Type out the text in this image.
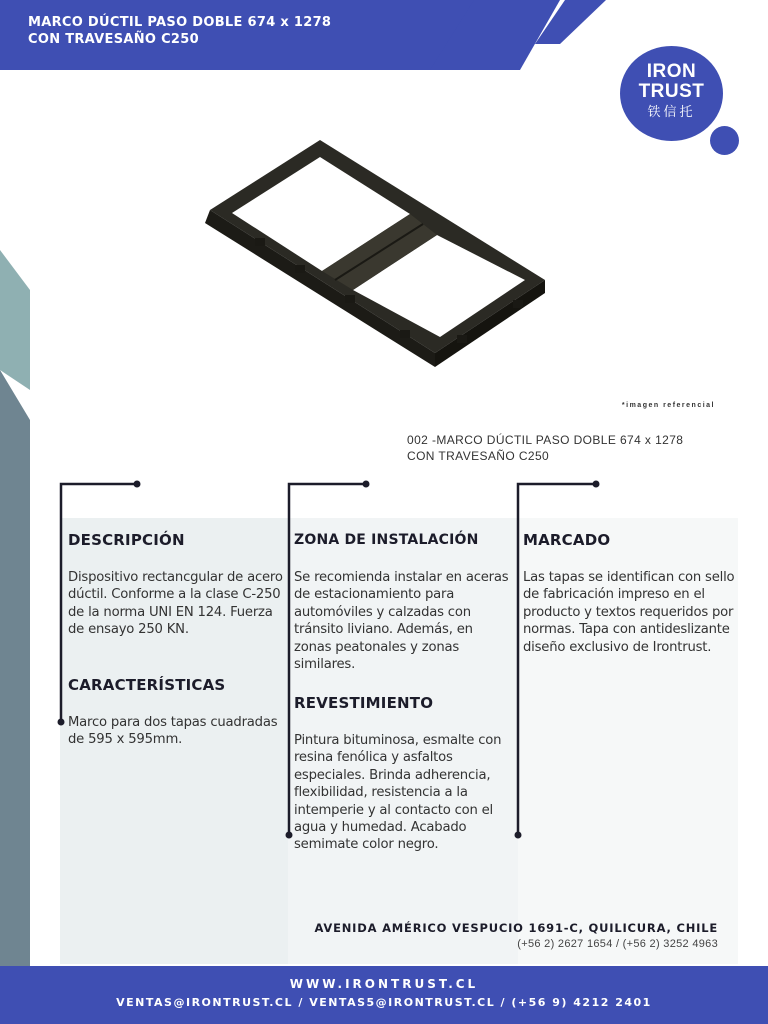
MARCO DÚCTIL PASO DOBLE 674 x 1278
CON TRAVESAÑO C250
IRON
TRUST
铁信托
*imagen referencial
002 -MARCO DÚCTIL PASO DOBLE 674 x 1278
CON TRAVESAÑO C250
DESCRIPCIÓN
Dispositivo rectancgular de acero dúctil. Conforme a la clase C-250 de la norma UNI EN 124. Fuerza de ensayo 250 KN.
CARACTERÍSTICAS
Marco para dos tapas cuadradas de 595 x 595mm.
ZONA DE INSTALACIÓN
Se recomienda instalar en aceras de estacionamiento para automóviles y calzadas con tránsito liviano. Además, en zonas peatonales y zonas similares.
REVESTIMIENTO
Pintura bituminosa, esmalte con resina fenólica y asfaltos especiales. Brinda adherencia, flexibilidad, resistencia a la intemperie y al contacto con el agua y humedad. Acabado semimate color negro.
MARCADO
Las tapas se identifican con sello de fabricación impreso en el producto y textos requeridos por normas. Tapa con antideslizante diseño exclusivo de Irontrust.
AVENIDA AMÉRICO VESPUCIO 1691-C, QUILICURA, CHILE
(+56 2) 2627 1654 / (+56 2) 3252 4963
WWW.IRONTRUST.CL
VENTAS@IRONTRUST.CL / VENTAS5@IRONTRUST.CL / (+56 9) 4212 2401
